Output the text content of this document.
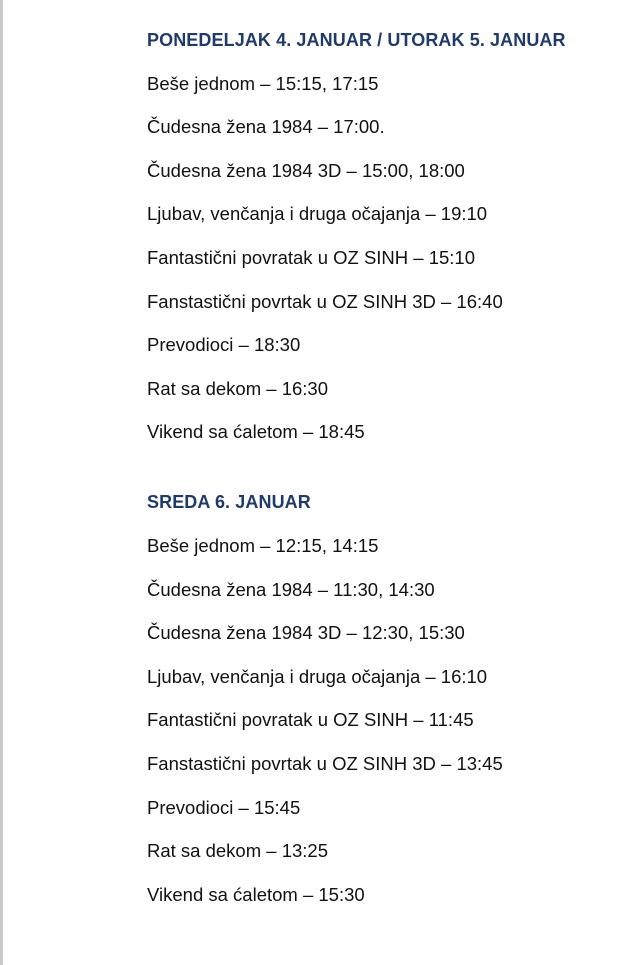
PONEDELJAK 4. JANUAR / UTORAK 5. JANUAR
Beše jednom – 15:15, 17:15
Čudesna žena 1984 – 17:00.
Čudesna žena 1984 3D – 15:00, 18:00
Ljubav, venčanja i druga očajanja – 19:10
Fantastični povratak u OZ SINH – 15:10
Fanstastični povrtak u OZ SINH 3D – 16:40
Prevodioci – 18:30
Rat sa dekom – 16:30
Vikend sa ćaletom – 18:45
SREDA 6. JANUAR
Beše jednom – 12:15, 14:15
Čudesna žena 1984 – 11:30, 14:30
Čudesna žena 1984 3D – 12:30, 15:30
Ljubav, venčanja i druga očajanja – 16:10
Fantastični povratak u OZ SINH – 11:45
Fanstastični povrtak u OZ SINH 3D – 13:45
Prevodioci – 15:45
Rat sa dekom – 13:25
Vikend sa ćaletom – 15:30
